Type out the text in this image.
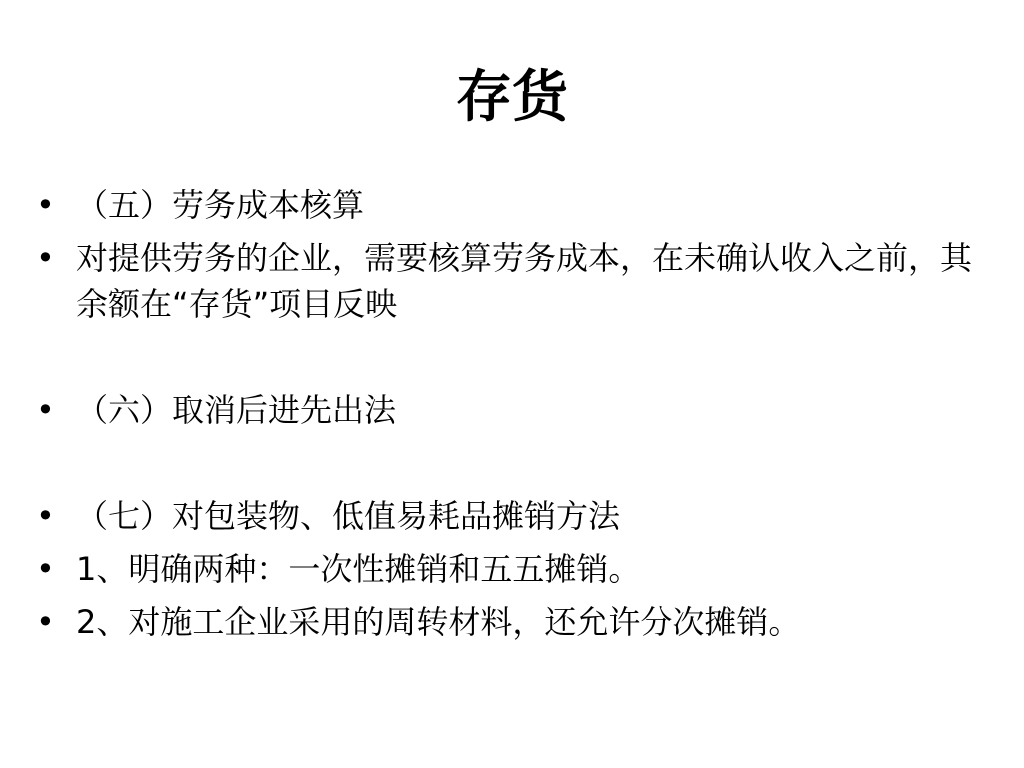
存货
• （五）劳务成本核算
• 对提供劳务的企业，需要核算劳务成本，在未确认收入之前，其余额在“存货”项目反映
• （六）取消后进先出法
• （七）对包装物、低值易耗品摊销方法
• 1、明确两种：一次性摊销和五五摊销。
• 2、对施工企业采用的周转材料，还允许分次摊销。
